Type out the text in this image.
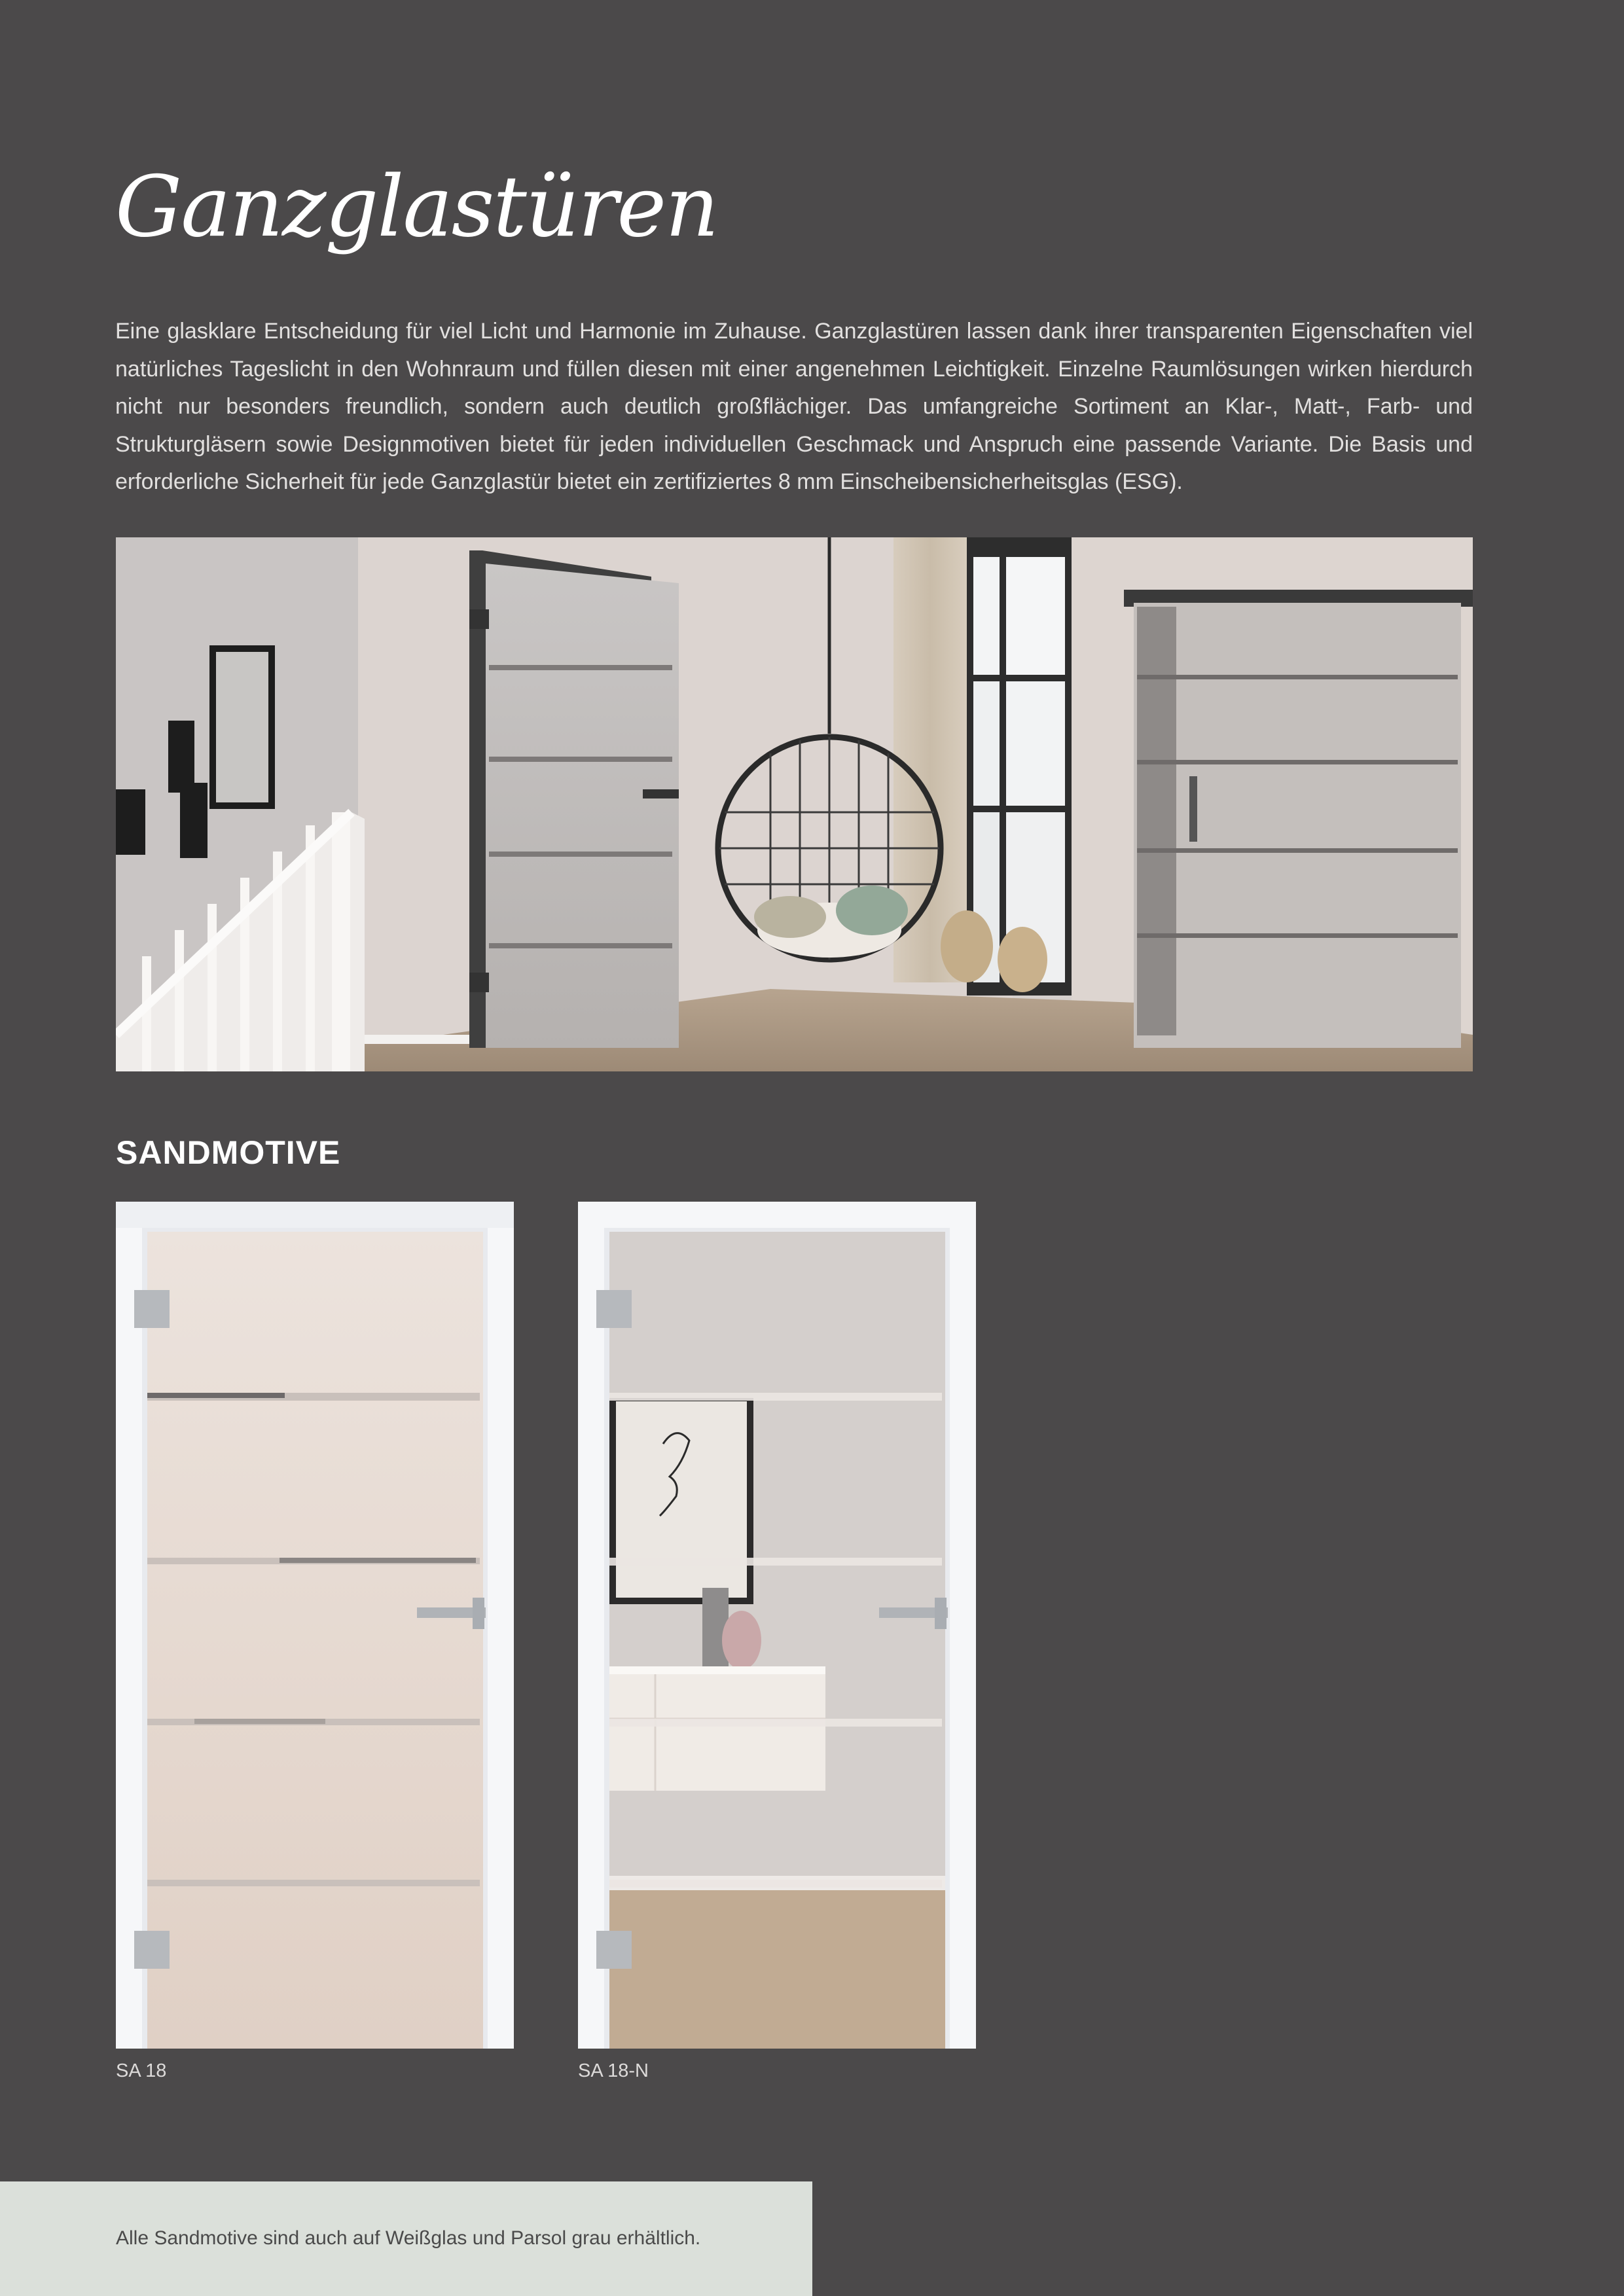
Ganzglastüren

Eine glasklare Entscheidung für viel Licht und Harmonie im Zuhause. Ganzglastüren lassen dank ihrer transparenten Eigenschaften viel natürliches Tageslicht in den Wohnraum und füllen diesen mit einer angenehmen Leichtigkeit. Einzelne Raumlösungen wirken hierdurch nicht nur besonders freundlich, sondern auch deutlich großflächiger. Das umfangreiche Sortiment an Klar-, Matt-, Farb- und Strukturgläsern sowie Designmotiven bietet für jeden individuellen Geschmack und Anspruch eine passende Variante. Die Basis und erforderliche Sicherheit für jede Ganzglastür bietet ein zertifiziertes 8 mm Einscheibensicherheitsglas (ESG).

SANDMOTIVE
SA 18	SA 18-N
Alle Sandmotive sind auch auf Weißglas und Parsol grau erhältlich.
